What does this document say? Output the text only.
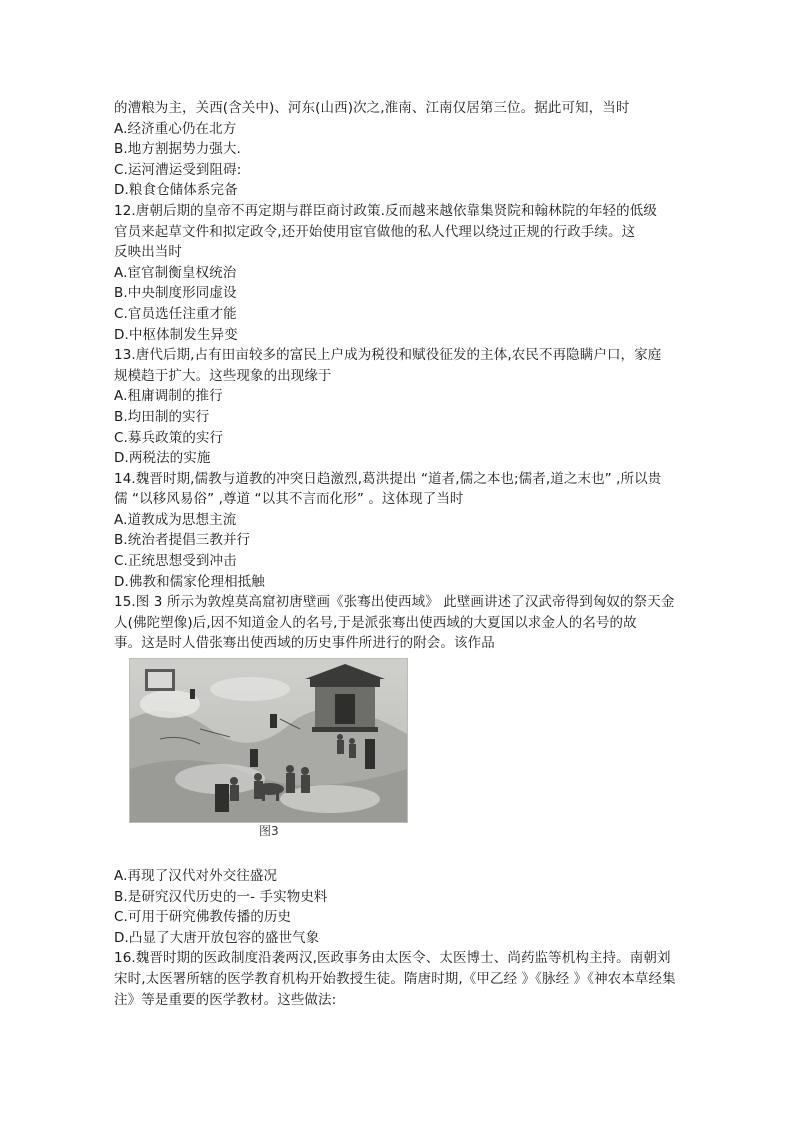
的漕粮为主，关西(含关中)、河东(山西)次之,淮南、江南仅居第三位。据此可知，当时
A.经济重心仍在北方
B.地方割据势力强大.
C.运河漕运受到阻碍:
D.粮食仓储体系完备
12.唐朝后期的皇帝不再定期与群臣商讨政策.反而越来越依靠集贤院和翰林院的年轻的低级
官员来起草文件和拟定政令,还开始使用宦官做他的私人代理以绕过正规的行政手续。这
反映出当时
A.宦官制衡皇权统治
B.中央制度形同虚设
C.官员选任注重才能
D.中枢体制发生异变
13.唐代后期,占有田亩较多的富民上户成为税役和赋役征发的主体,农民不再隐瞒户口，家庭
规模趋于扩大。这些现象的出现缘于
A.租庸调制的推行
B.均田制的实行
C.募兵政策的实行
D.两税法的实施
14.魏晋时期,儒教与道教的冲突日趋激烈,葛洪提出 “道者,儒之本也;儒者,道之末也” ,所以贵
儒 “以移风易俗” ,尊道 “以其不言而化形” 。这体现了当时
A.道教成为思想主流
B.统治者提倡三教并行
C.正统思想受到冲击
D.佛教和儒家伦理相抵触
15.图 3 所示为敦煌莫高窟初唐壁画《张骞出使西域》 此壁画讲述了汉武帝得到匈奴的祭天金
人(佛陀塑像)后,因不知道金人的名号,于是派张骞出使西域的大夏国以求金人的名号的故
事。这是时人借张骞出使西域的历史事件所进行的附会。该作品
图3
A.再现了汉代对外交往盛况
B.是研究汉代历史的一- 手实物史料
C.可用于研究佛教传播的历史
D.凸显了大唐开放包容的盛世气象
16.魏晋时期的医政制度沿袭两汉,医政事务由太医令、太医博士、尚药监等机构主持。南朝刘
宋时,太医署所辖的医学教育机构开始教授生徒。隋唐时期,《甲乙经 》《脉经 》《神农本草经集
注》等是重要的医学教材。这些做法:
